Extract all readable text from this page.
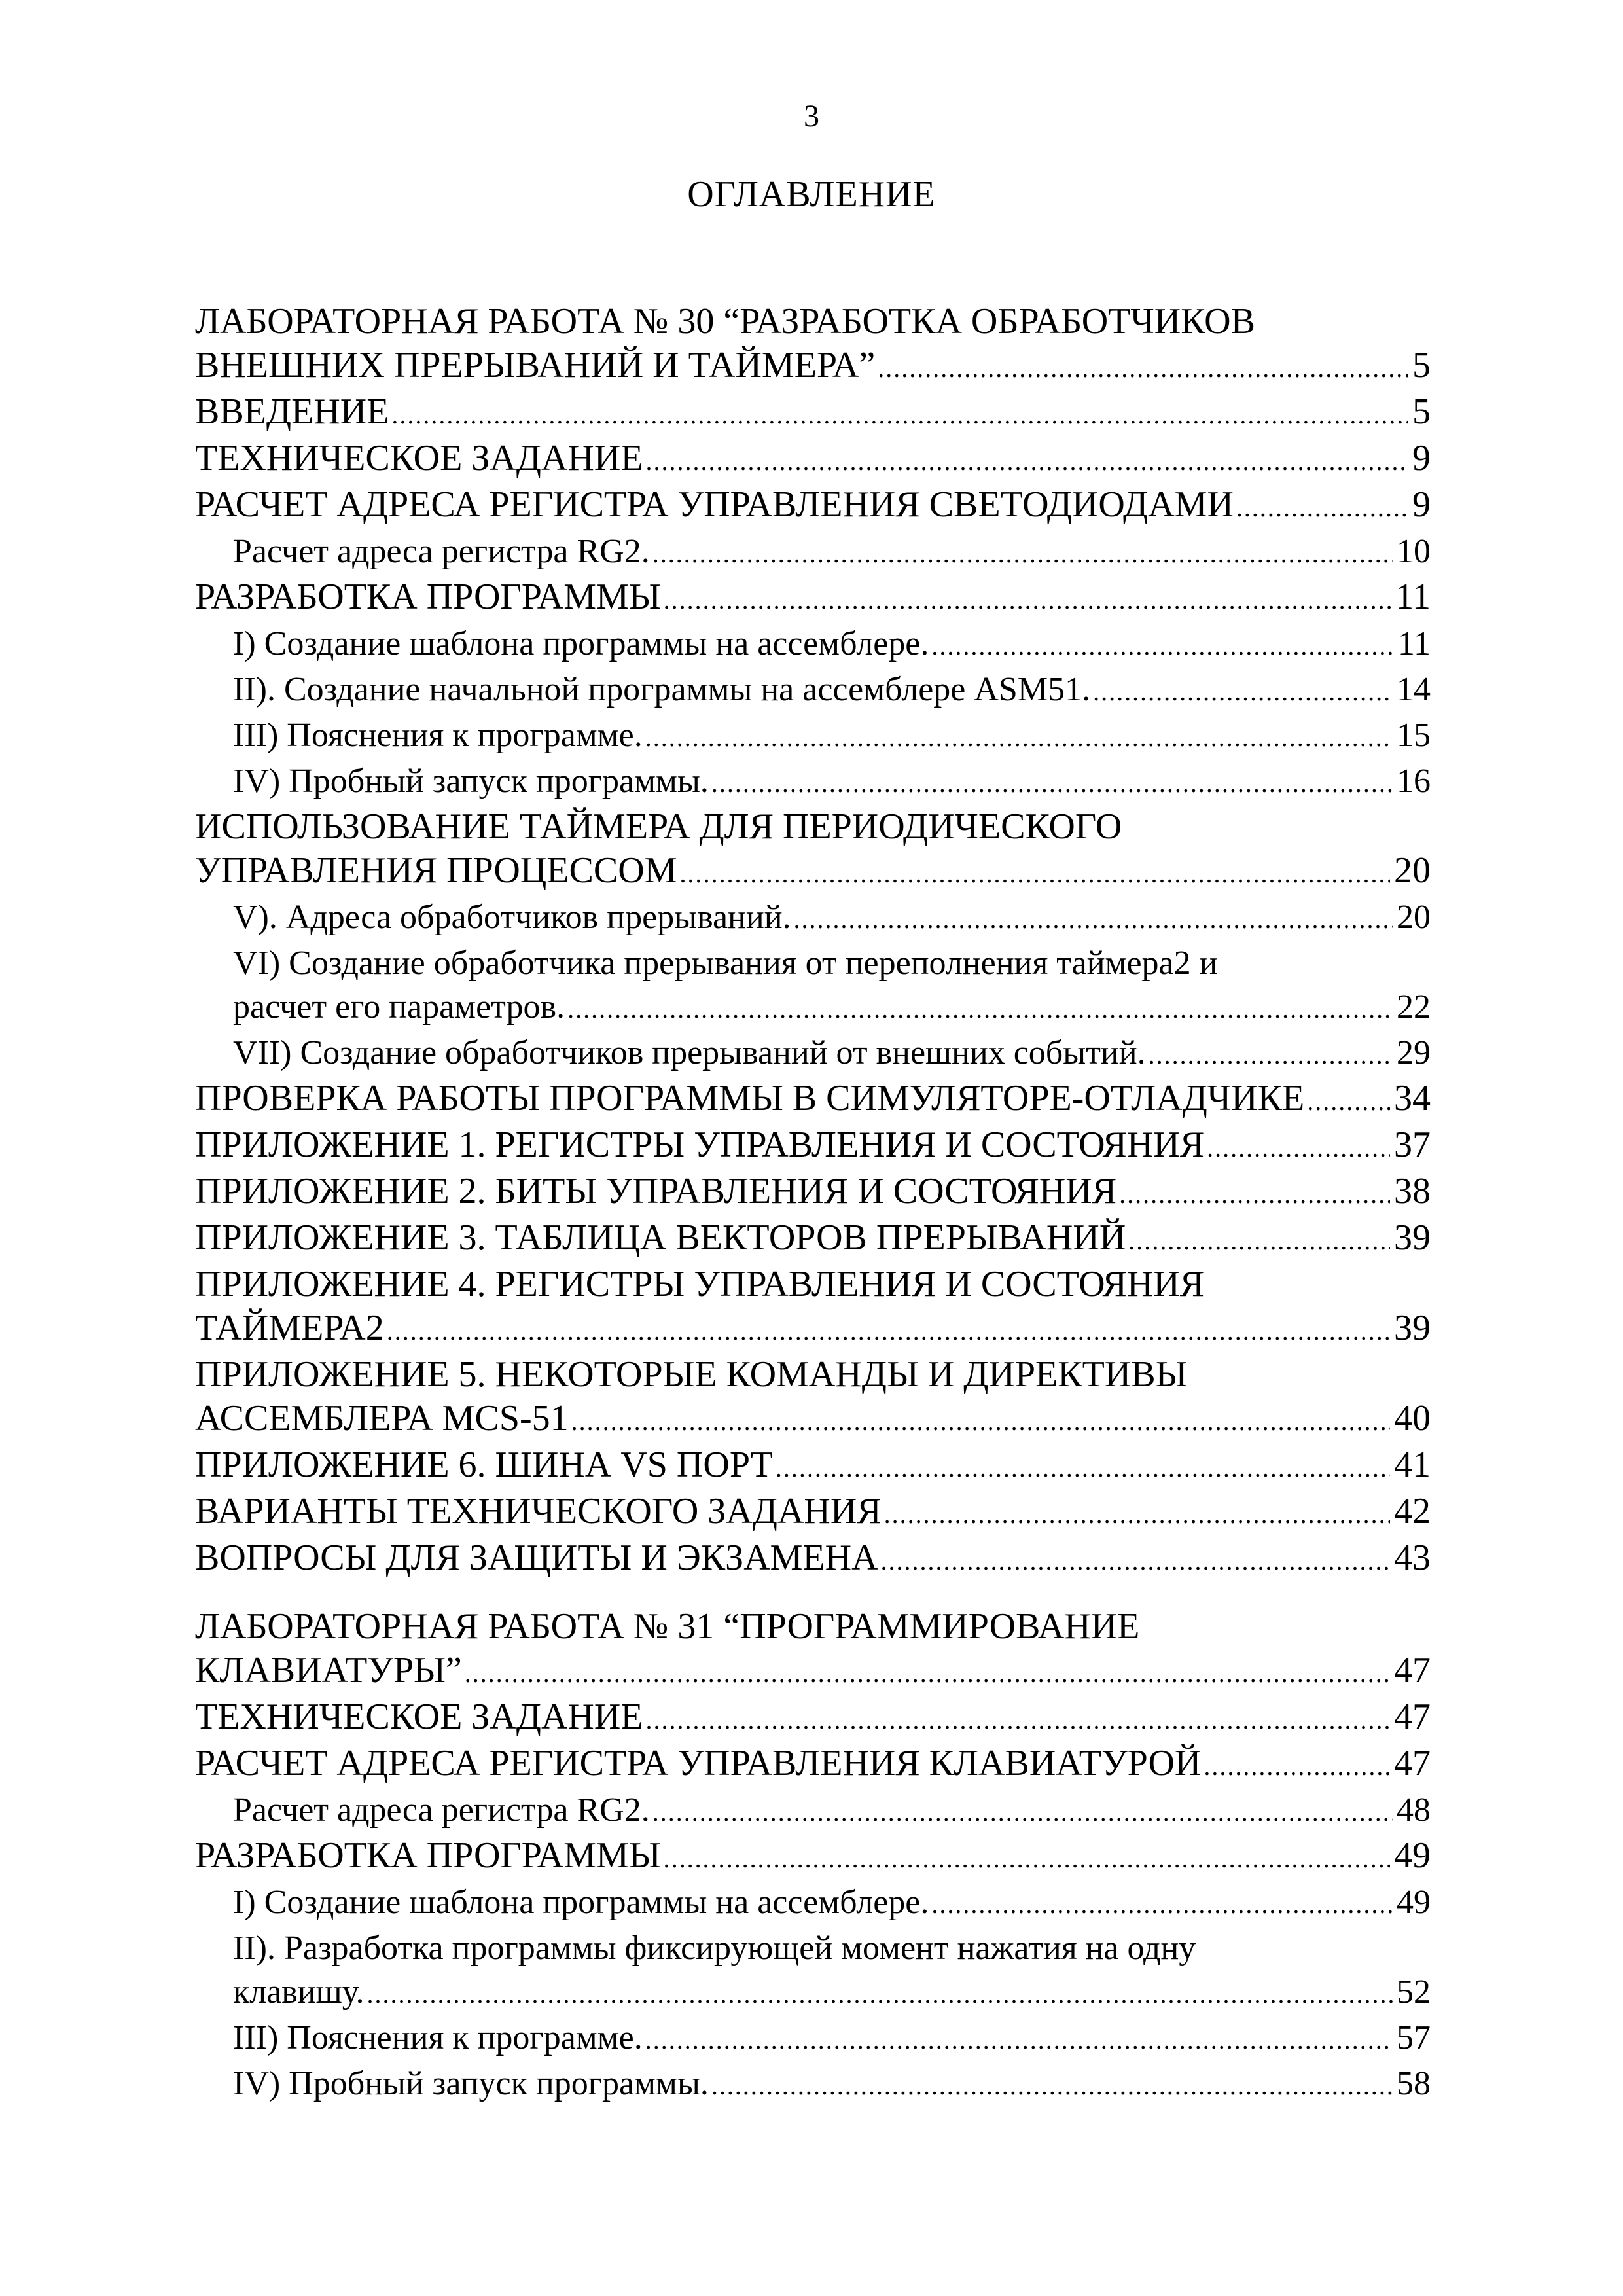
3
ОГЛАВЛЕНИЕ
ЛАБОРАТОРНАЯ РАБОТА № 30 “РАЗРАБОТКА ОБРАБОТЧИКОВ
ВНЕШНИХ ПРЕРЫВАНИЙ И ТАЙМЕРА” .....	5
ВВЕДЕНИЕ .....	5
ТЕХНИЧЕСКОЕ ЗАДАНИЕ .....	9
РАСЧЕТ АДРЕСА РЕГИСТРА УПРАВЛЕНИЯ СВЕТОДИОДАМИ .....	9
Расчет адреса регистра RG2. .....	10
РАЗРАБОТКА ПРОГРАММЫ .....	11
I) Создание шаблона программы на ассемблере. .....	11
II). Создание начальной программы на ассемблере ASM51. .....	14
III) Пояснения к программе. .....	15
IV) Пробный запуск программы. .....	16
ИСПОЛЬЗОВАНИЕ ТАЙМЕРА ДЛЯ ПЕРИОДИЧЕСКОГО
УПРАВЛЕНИЯ ПРОЦЕССОМ .....	20
V). Адреса обработчиков прерываний. .....	20
VI) Создание обработчика прерывания от переполнения таймера2 и
расчет его параметров. .....	22
VII) Создание обработчиков прерываний от внешних событий. .....	29
ПРОВЕРКА РАБОТЫ ПРОГРАММЫ В СИМУЛЯТОРЕ-ОТЛАДЧИКЕ ..... 34
ПРИЛОЖЕНИЕ 1. РЕГИСТРЫ УПРАВЛЕНИЯ И СОСТОЯНИЯ .....	37
ПРИЛОЖЕНИЕ 2. БИТЫ УПРАВЛЕНИЯ И СОСТОЯНИЯ .....	38
ПРИЛОЖЕНИЕ 3. ТАБЛИЦА ВЕКТОРОВ ПРЕРЫВАНИЙ .....	39
ПРИЛОЖЕНИЕ 4. РЕГИСТРЫ УПРАВЛЕНИЯ И СОСТОЯНИЯ
ТАЙМЕРА2 .....	39
ПРИЛОЖЕНИЕ 5. НЕКОТОРЫЕ КОМАНДЫ И ДИРЕКТИВЫ
АССЕМБЛЕРА MCS-51 .....	40
ПРИЛОЖЕНИЕ 6. ШИНА VS ПОРТ .....	41
ВАРИАНТЫ ТЕХНИЧЕСКОГО ЗАДАНИЯ .....	42
ВОПРОСЫ ДЛЯ ЗАЩИТЫ И ЭКЗАМЕНА .....	43
ЛАБОРАТОРНАЯ РАБОТА № 31 “ПРОГРАММИРОВАНИЕ
КЛАВИАТУРЫ” .....	47
ТЕХНИЧЕСКОЕ ЗАДАНИЕ .....	47
РАСЧЕТ АДРЕСА РЕГИСТРА УПРАВЛЕНИЯ КЛАВИАТУРОЙ .....	47
Расчет адреса регистра RG2. .....	48
РАЗРАБОТКА ПРОГРАММЫ .....	49
I) Создание шаблона программы на ассемблере. .....	49
II). Разработка программы фиксирующей момент нажатия на одну
клавишу. .....	52
III) Пояснения к программе. .....	57
IV) Пробный запуск программы. .....	58
